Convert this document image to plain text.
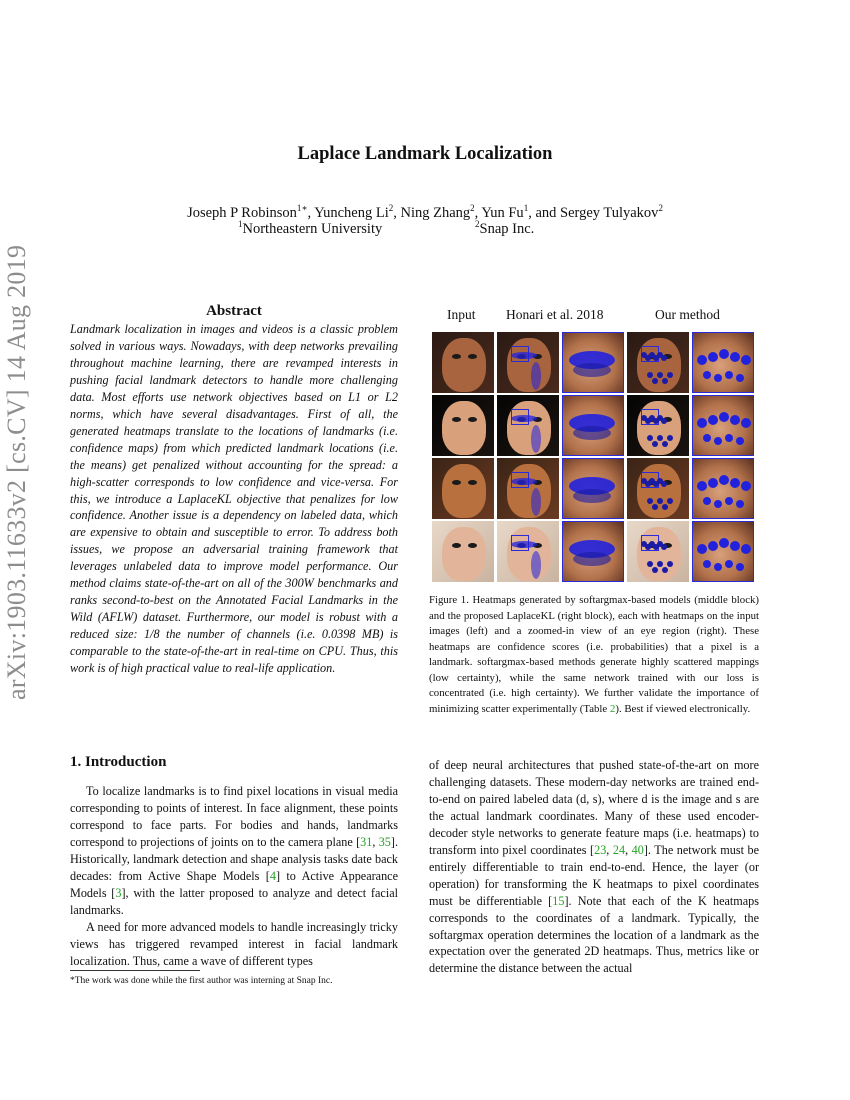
Laplace Landmark Localization
Joseph P Robinson$^{1∗}$, Yuncheng Li$^2$, Ning Zhang$^2$, Yun Fu$^1$, and Sergey Tulyakov$^2$
$^1$Northeastern University	$^2$Snap Inc.
arXiv:1903.11633v2 [cs.CV] 14 Aug 2019	Abstract
Landmark localization in images and videos is a classic problem solved in various ways. Nowadays, with deep networks prevailing throughout machine learning, there are revamped interests in pushing facial landmark detectors to handle more challenging data. Most efforts use network objectives based on L1 or L2 norms, which have several disadvantages. First of all, the generated heatmaps translate to the locations of landmarks (i.e. confidence maps) from which predicted landmark locations (i.e. the means) get penalized without accounting for the spread: a high-scatter corresponds to low confidence and vice-versa. For this, we introduce a LaplaceKL objective that penalizes for low confidence. Another issue is a dependency on labeled data, which are expensive to obtain and susceptible to error. To address both issues, we propose an adversarial training framework that leverages unlabeled data to improve model performance. Our method claims state-of-the-art on all of the 300W benchmarks and ranks second-to-best on the Annotated Facial Landmarks in the Wild (AFLW) dataset. Furthermore, our model is robust with a reduced size: 1/8 the number of channels (i.e. 0.0398 MB) is comparable to the state-of-the-art in real-time on CPU. Thus, this work is of high practical value to real-life application.
Input Honari et al. 2018	Our method
Figure 1. Heatmaps generated by softargmax-based models (middle block) and the proposed LaplaceKL (right block), each with heatmaps on the input images (left) and a zoomed-in view of an eye region (right). These heatmaps are confidence scores (i.e. probabilities) that a pixel is a landmark. softargmax-based methods generate highly scattered mappings (low certainty), while the same network trained with our loss is concentrated (i.e. high certainty). We further validate the importance of minimizing scatter experimentally (Table 2). Best if viewed electronically.
1. Introduction

To localize landmarks is to find pixel locations in visual media corresponding to points of interest. In face alignment, these points correspond to face parts. For bodies and hands, landmarks correspond to projections of joints on to the camera plane [31, 35]. Historically, landmark detection and shape analysis tasks date back decades: from Active Shape Models [4] to Active Appearance Models [3], with the latter proposed to analyze and detect facial landmarks.

A need for more advanced models to handle increasingly tricky views has triggered revamped interest in facial landmark localization. Thus, came a wave of different types

*The work was done while the first author was interning at Snap Inc.

of deep neural architectures that pushed state-of-the-art on more challenging datasets. These modern-day networks are trained end-to-end on paired labeled data (d, s), where d is the image and s are the actual landmark coordinates. Many of these used encoder-decoder style networks to generate feature maps (i.e. heatmaps) to transform into pixel coordinates [23, 24, 40]. The network must be entirely differentiable to train end-to-end. Hence, the layer (or operation) for transforming the K heatmaps to pixel coordinates must be differentiable [15]. Note that each of the K heatmaps corresponds to the coordinates of a landmark. Typically, the softargmax operation determines the location of a landmark as the expectation over the generated 2D heatmaps. Thus, metrics like or determine the distance between the actual
